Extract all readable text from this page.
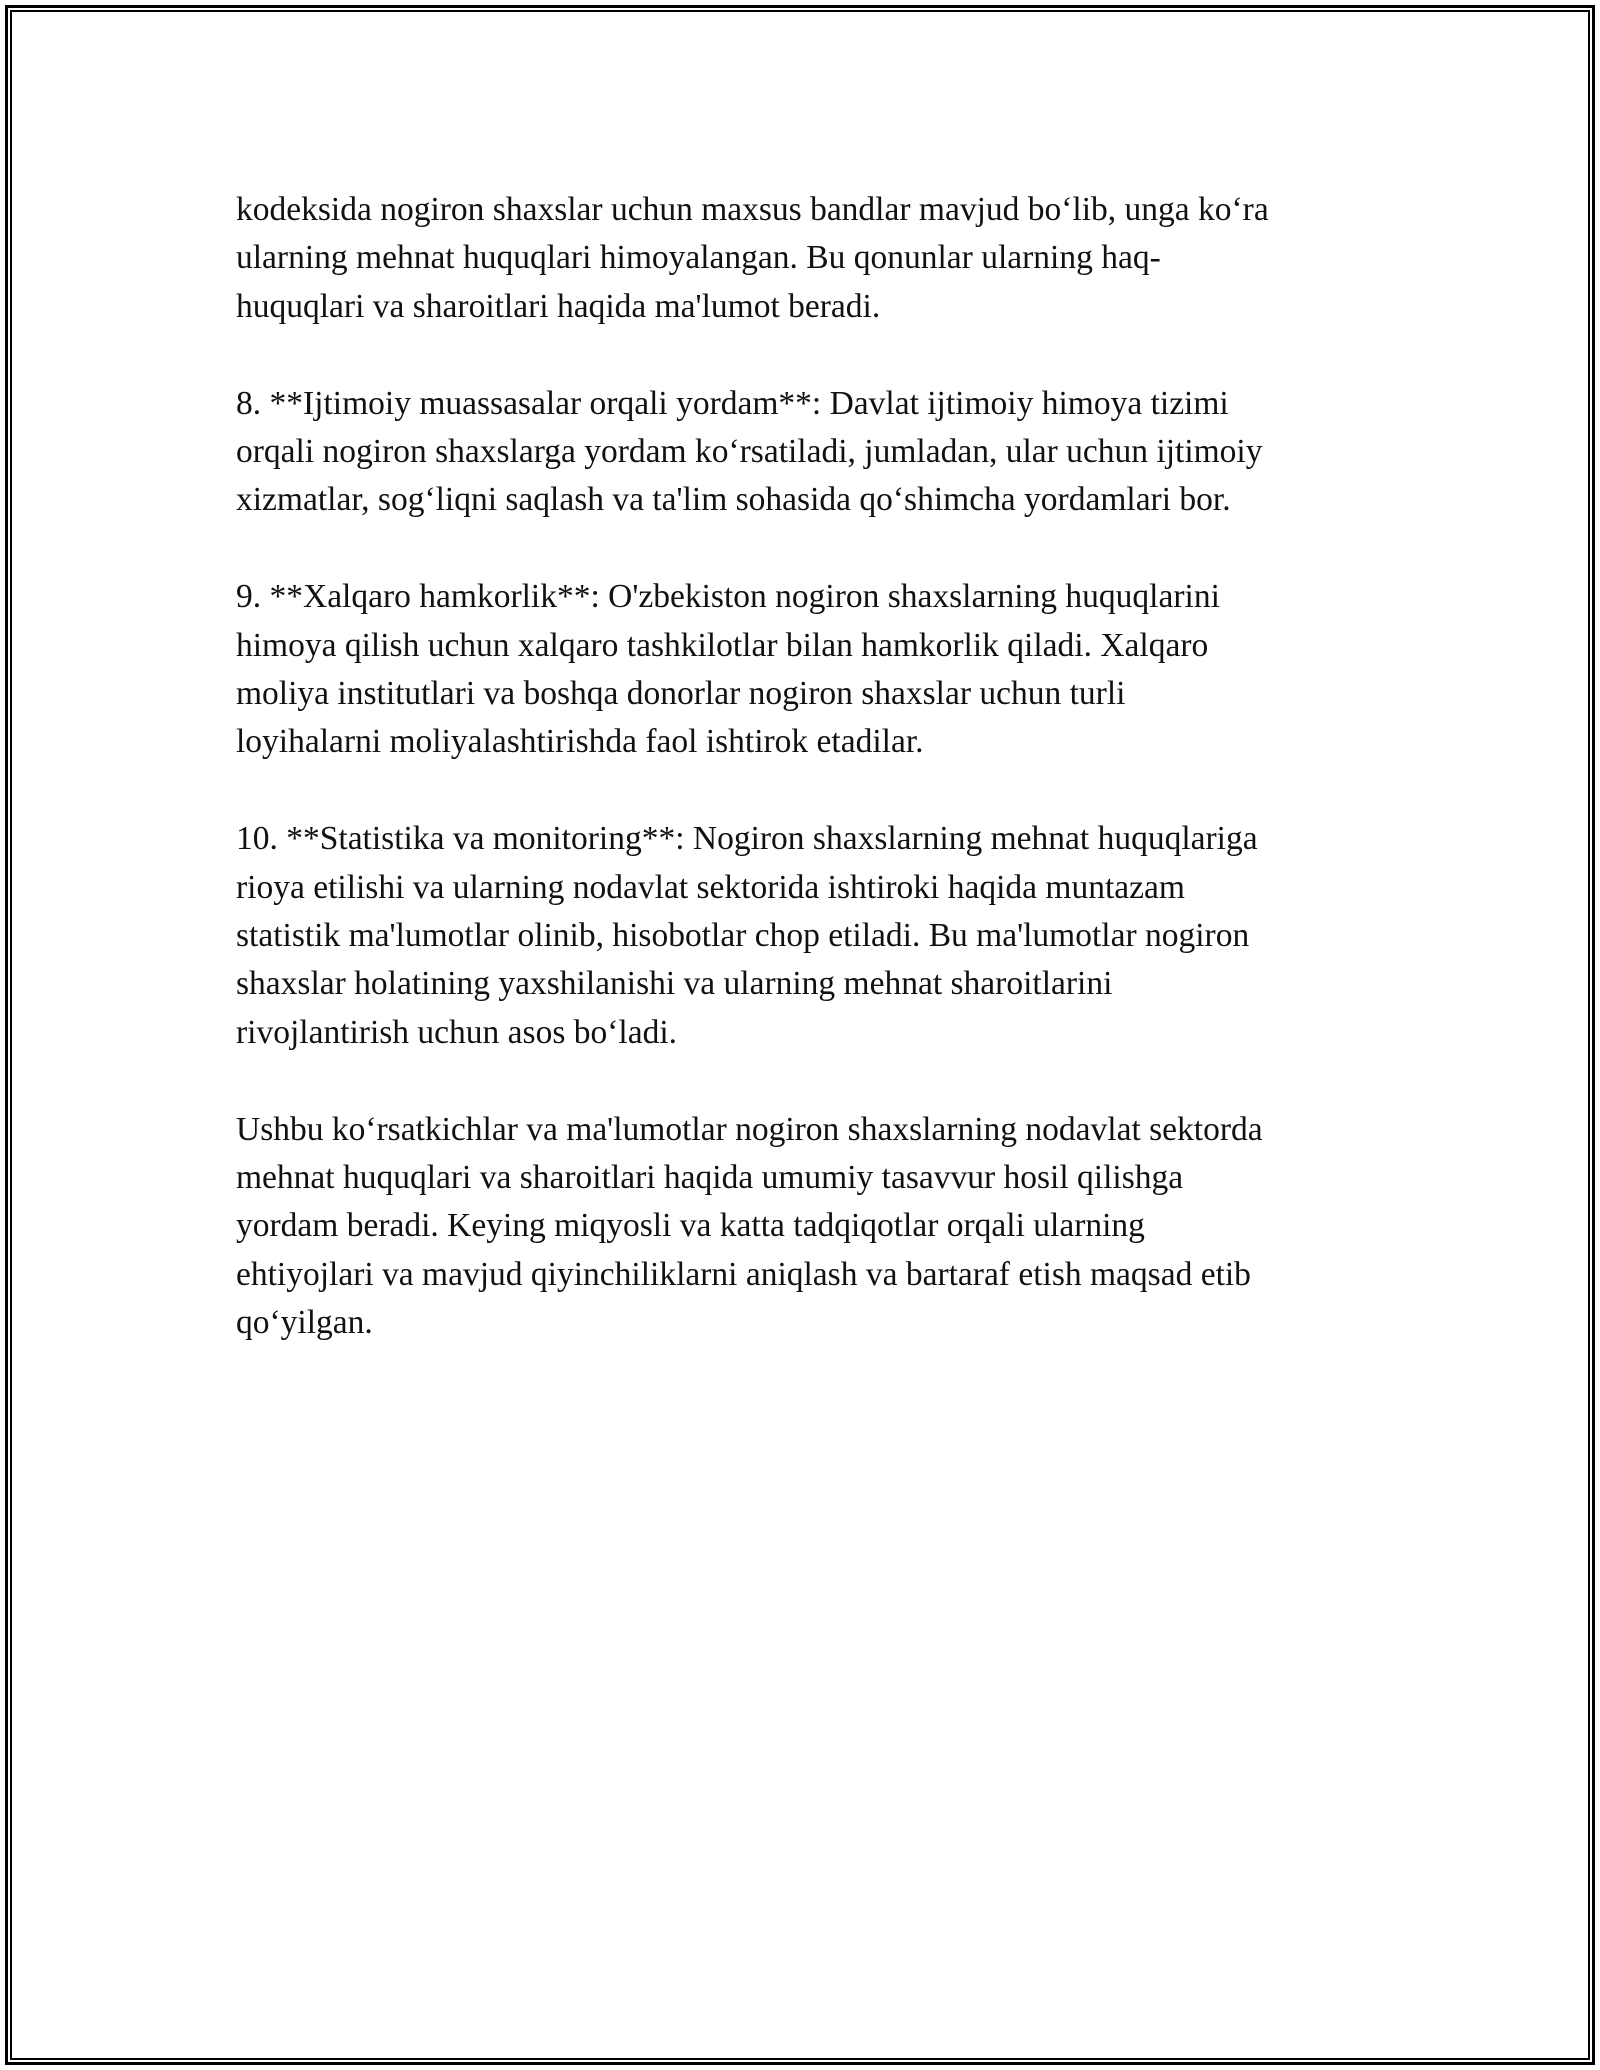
kodeksida nogiron shaxslar uchun maxsus bandlar mavjud bo‘lib, unga ko‘ra
ularning mehnat huquqlari himoyalangan. Bu qonunlar ularning haq-
huquqlari va sharoitlari haqida ma'lumot beradi.

8. **Ijtimoiy muassasalar orqali yordam**: Davlat ijtimoiy himoya tizimi
orqali nogiron shaxslarga yordam ko‘rsatiladi, jumladan, ular uchun ijtimoiy
xizmatlar, sog‘liqni saqlash va ta'lim sohasida qo‘shimcha yordamlari bor.

9. **Xalqaro hamkorlik**: O'zbekiston nogiron shaxslarning huquqlarini
himoya qilish uchun xalqaro tashkilotlar bilan hamkorlik qiladi. Xalqaro
moliya institutlari va boshqa donorlar nogiron shaxslar uchun turli
loyihalarni moliyalashtirishda faol ishtirok etadilar.

10. **Statistika va monitoring**: Nogiron shaxslarning mehnat huquqlariga
rioya etilishi va ularning nodavlat sektorida ishtiroki haqida muntazam
statistik ma'lumotlar olinib, hisobotlar chop etiladi. Bu ma'lumotlar nogiron
shaxslar holatining yaxshilanishi va ularning mehnat sharoitlarini
rivojlantirish uchun asos bo‘ladi.

Ushbu ko‘rsatkichlar va ma'lumotlar nogiron shaxslarning nodavlat sektorda
mehnat huquqlari va sharoitlari haqida umumiy tasavvur hosil qilishga
yordam beradi. Keying miqyosli va katta tadqiqotlar orqali ularning
ehtiyojlari va mavjud qiyinchiliklarni aniqlash va bartaraf etish maqsad etib
qo‘yilgan.
